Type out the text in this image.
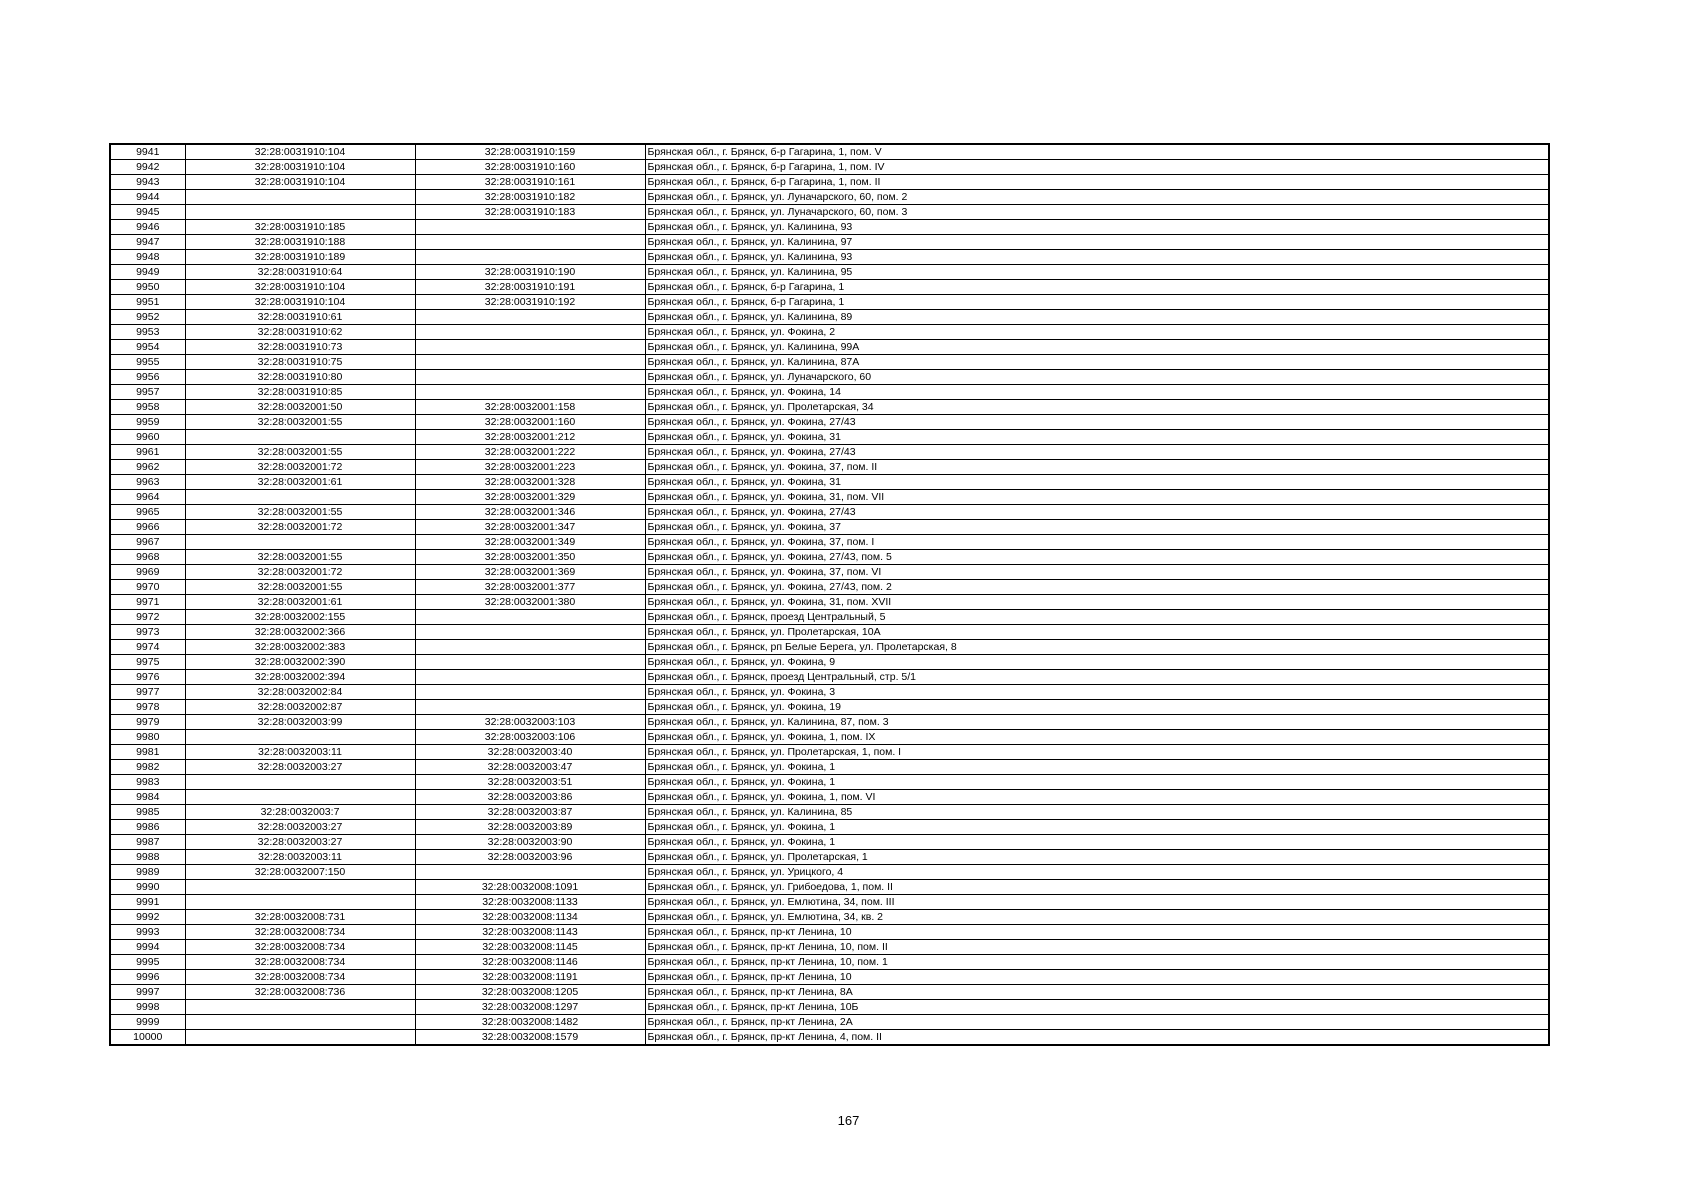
9941	32:28:0031910:104	32:28:0031910:159	Брянская обл., г. Брянск, б-р Гагарина, 1, пом. V
9942	32:28:0031910:104	32:28:0031910:160	Брянская обл., г. Брянск, б-р Гагарина, 1, пом. IV
9943	32:28:0031910:104	32:28:0031910:161	Брянская обл., г. Брянск, б-р Гагарина, 1, пом. II
9944		32:28:0031910:182	Брянская обл., г. Брянск, ул. Луначарского, 60, пом. 2
9945		32:28:0031910:183	Брянская обл., г. Брянск, ул. Луначарского, 60, пом. 3
9946	32:28:0031910:185		Брянская обл., г. Брянск, ул. Калинина, 93
9947	32:28:0031910:188		Брянская обл., г. Брянск, ул. Калинина, 97
9948	32:28:0031910:189		Брянская обл., г. Брянск, ул. Калинина, 93
9949	32:28:0031910:64	32:28:0031910:190	Брянская обл., г. Брянск, ул. Калинина, 95
9950	32:28:0031910:104	32:28:0031910:191	Брянская обл., г. Брянск, б-р Гагарина, 1
9951	32:28:0031910:104	32:28:0031910:192	Брянская обл., г. Брянск, б-р Гагарина, 1
9952	32:28:0031910:61		Брянская обл., г. Брянск, ул. Калинина, 89
9953	32:28:0031910:62		Брянская обл., г. Брянск, ул. Фокина, 2
9954	32:28:0031910:73		Брянская обл., г. Брянск, ул. Калинина, 99А
9955	32:28:0031910:75		Брянская обл., г. Брянск, ул. Калинина, 87А
9956	32:28:0031910:80		Брянская обл., г. Брянск, ул. Луначарского, 60
9957	32:28:0031910:85		Брянская обл., г. Брянск, ул. Фокина, 14
9958	32:28:0032001:50	32:28:0032001:158	Брянская обл., г. Брянск, ул. Пролетарская, 34
9959	32:28:0032001:55	32:28:0032001:160	Брянская обл., г. Брянск, ул. Фокина, 27/43
9960		32:28:0032001:212	Брянская обл., г. Брянск, ул. Фокина, 31
9961	32:28:0032001:55	32:28:0032001:222	Брянская обл., г. Брянск, ул. Фокина, 27/43
9962	32:28:0032001:72	32:28:0032001:223	Брянская обл., г. Брянск, ул. Фокина, 37, пом. II
9963	32:28:0032001:61	32:28:0032001:328	Брянская обл., г. Брянск, ул. Фокина, 31
9964		32:28:0032001:329	Брянская обл., г. Брянск, ул. Фокина, 31, пом. VII
9965	32:28:0032001:55	32:28:0032001:346	Брянская обл., г. Брянск, ул. Фокина, 27/43
9966	32:28:0032001:72	32:28:0032001:347	Брянская обл., г. Брянск, ул. Фокина, 37
9967		32:28:0032001:349	Брянская обл., г. Брянск, ул. Фокина, 37, пом. I
9968	32:28:0032001:55	32:28:0032001:350	Брянская обл., г. Брянск, ул. Фокина, 27/43, пом. 5
9969	32:28:0032001:72	32:28:0032001:369	Брянская обл., г. Брянск, ул. Фокина, 37, пом. VI
9970	32:28:0032001:55	32:28:0032001:377	Брянская обл., г. Брянск, ул. Фокина, 27/43, пом. 2
9971	32:28:0032001:61	32:28:0032001:380	Брянская обл., г. Брянск, ул. Фокина, 31, пом. XVII
9972	32:28:0032002:155		Брянская обл., г. Брянск, проезд Центральный, 5
9973	32:28:0032002:366		Брянская обл., г. Брянск, ул. Пролетарская, 10А
9974	32:28:0032002:383		Брянская обл., г. Брянск, рп Белые Берега, ул. Пролетарская, 8
9975	32:28:0032002:390		Брянская обл., г. Брянск, ул. Фокина, 9
9976	32:28:0032002:394		Брянская обл., г. Брянск, проезд Центральный, стр. 5/1
9977	32:28:0032002:84		Брянская обл., г. Брянск, ул. Фокина, 3
9978	32:28:0032002:87		Брянская обл., г. Брянск, ул. Фокина, 19
9979	32:28:0032003:99	32:28:0032003:103	Брянская обл., г. Брянск, ул. Калинина, 87, пом. 3
9980		32:28:0032003:106	Брянская обл., г. Брянск, ул. Фокина, 1, пом. IX
9981	32:28:0032003:11	32:28:0032003:40	Брянская обл., г. Брянск, ул. Пролетарская, 1, пом. I
9982	32:28:0032003:27	32:28:0032003:47	Брянская обл., г. Брянск, ул. Фокина, 1
9983		32:28:0032003:51	Брянская обл., г. Брянск, ул. Фокина, 1
9984		32:28:0032003:86	Брянская обл., г. Брянск, ул. Фокина, 1, пом. VI
9985	32:28:0032003:7	32:28:0032003:87	Брянская обл., г. Брянск, ул. Калинина, 85
9986	32:28:0032003:27	32:28:0032003:89	Брянская обл., г. Брянск, ул. Фокина, 1
9987	32:28:0032003:27	32:28:0032003:90	Брянская обл., г. Брянск, ул. Фокина, 1
9988	32:28:0032003:11	32:28:0032003:96	Брянская обл., г. Брянск, ул. Пролетарская, 1
9989	32:28:0032007:150		Брянская обл., г. Брянск, ул. Урицкого, 4
9990		32:28:0032008:1091	Брянская обл., г. Брянск, ул. Грибоедова, 1, пом. II
9991		32:28:0032008:1133	Брянская обл., г. Брянск, ул. Емлютина, 34, пом. III
9992	32:28:0032008:731	32:28:0032008:1134	Брянская обл., г. Брянск, ул. Емлютина, 34, кв. 2
9993	32:28:0032008:734	32:28:0032008:1143	Брянская обл., г. Брянск, пр-кт Ленина, 10
9994	32:28:0032008:734	32:28:0032008:1145	Брянская обл., г. Брянск, пр-кт Ленина, 10, пом. II
9995	32:28:0032008:734	32:28:0032008:1146	Брянская обл., г. Брянск, пр-кт Ленина, 10, пом. 1
9996	32:28:0032008:734	32:28:0032008:1191	Брянская обл., г. Брянск, пр-кт Ленина, 10
9997	32:28:0032008:736	32:28:0032008:1205	Брянская обл., г. Брянск, пр-кт Ленина, 8А
9998		32:28:0032008:1297	Брянская обл., г. Брянск, пр-кт Ленина, 10Б
9999		32:28:0032008:1482	Брянская обл., г. Брянск, пр-кт Ленина, 2А
10000		32:28:0032008:1579	Брянская обл., г. Брянск, пр-кт Ленина, 4, пом. II
167
